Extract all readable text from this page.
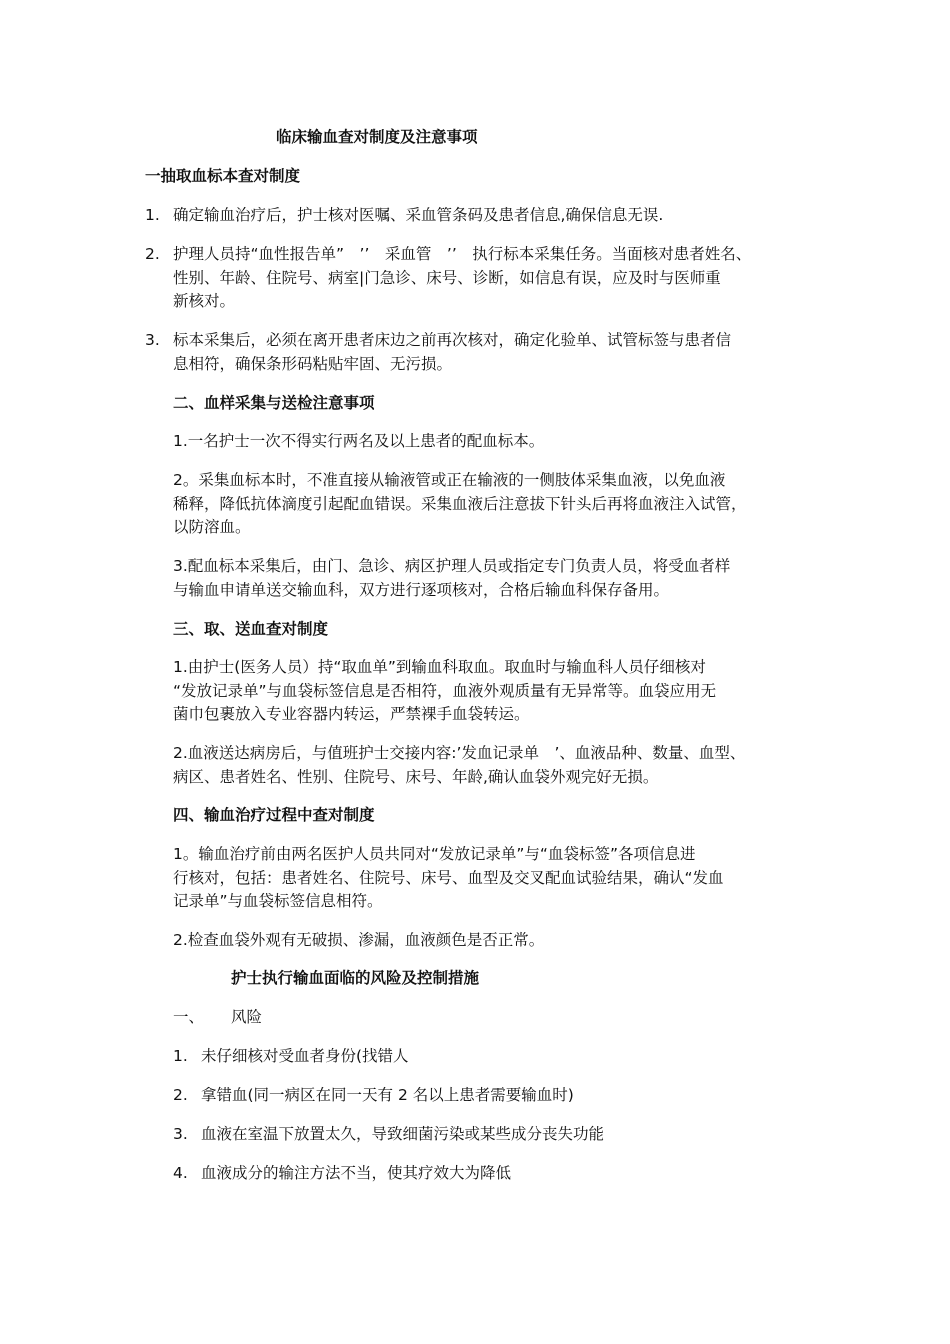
临床输血查对制度及注意事项
一抽取血标本查对制度
1. 确定输血治疗后，护士核对医嘱、采血管条码及患者信息,确保信息无误.
2. 护理人员持“血性报告单”　’’　采血管　’’　执行标本采集任务。当面核对患者姓名、
性别、年龄、住院号、病室|门急诊、床号、诊断，如信息有误，应及时与医师重
新核对。
3. 标本采集后，必须在离开患者床边之前再次核对，确定化验单、试管标签与患者信
息相符，确保条形码粘贴牢固、无污损。
二、血样采集与送检注意事项
1.一名护士一次不得实行两名及以上患者的配血标本。
2。采集血标本时，不准直接从输液管或正在输液的一侧肢体采集血液，以免血液
稀释，降低抗体滴度引起配血错误。采集血液后注意拔下针头后再将血液注入试管，
以防溶血。
3.配血标本采集后，由门、急诊、病区护理人员或指定专门负责人员，将受血者样
与输血申请单送交输血科，双方进行逐项核对，合格后输血科保存备用。
三、取、送血查对制度
1.由护士(医务人员）持“取血单”到输血科取血。取血时与输血科人员仔细核对
“发放记录单”与血袋标签信息是否相符，血液外观质量有无异常等。血袋应用无
菌巾包裹放入专业容器内转运，严禁裸手血袋转运。
2.血液送达病房后，与值班护士交接内容:’发血记录单　’、血液品种、数量、血型、
病区、患者姓名、性别、住院号、床号、年龄,确认血袋外观完好无损。
四、输血治疗过程中查对制度
1。输血治疗前由两名医护人员共同对“发放记录单”与“血袋标签”各项信息进
行核对，包括：患者姓名、住院号、床号、血型及交叉配血试验结果，确认“发血
记录单”与血袋标签信息相符。
2.检查血袋外观有无破损、渗漏，血液颜色是否正常。
护士执行输血面临的风险及控制措施
一、 风险
1. 未仔细核对受血者身份(找错人
2. 拿错血(同一病区在同一天有 2 名以上患者需要输血时)
3. 血液在室温下放置太久，导致细菌污染或某些成分丧失功能
4. 血液成分的输注方法不当，使其疗效大为降低
